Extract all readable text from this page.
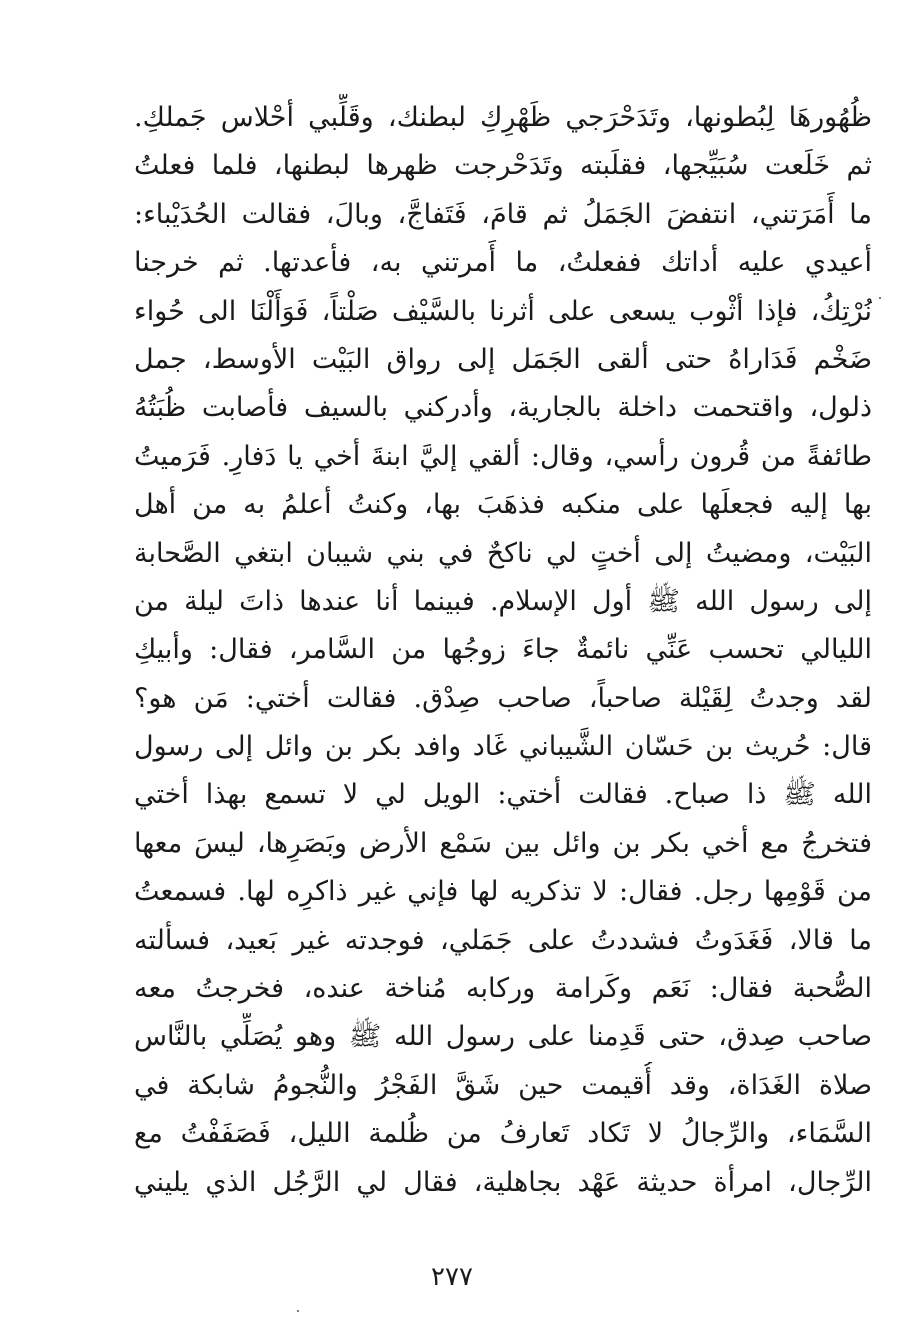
ظُهُورهَا لِبُطونها، وتَدَحْرَجي ظَهْرِكِ لبطنك، وقَلِّبي أحْلاس جَملكِ.
ثم خَلَعت سُبَيِّجها، فقلَبته وتَدَحْرجت ظهرها لبطنها، فلما فعلتُ
ما أَمَرَتني، انتفضَ الجَمَلُ ثم قامَ، فَتَفاجَّ، وبالَ، فقالت الحُدَيْباء:
أعيدي عليه أداتك ففعلتُ، ما أَمرتني به، فأعدتها. ثم خرجنا
نُرْتِكُ، فإذا أثْوب يسعى على أثرنا بالسَّيْف صَلْتاً، فَوَأَلْنَا الى حُواء
ضَخْم فَدَاراهُ حتى ألقى الجَمَل إلى رواق البَيْت الأوسط، جمل
ذلول، واقتحمت داخلة بالجارية، وأدركني بالسيف فأصابت ظُبَتُهُ
طائفةً من قُرون رأسي، وقال: ألقي إليَّ ابنةَ أخي يا دَفارِ. فَرَميتُ
بها إليه فجعلَها على منكبه فذهَبَ بها، وكنتُ أعلمُ به من أهل
البَيْت، ومضيتُ إلى أختٍ لي ناكحٌ في بني شيبان ابتغي الصَّحابة
إلى رسول الله ﷺ أول الإسلام. فبينما أنا عندها ذاتَ ليلة من
الليالي تحسب عَنِّي نائمةٌ جاءَ زوجُها من السَّامر، فقال: وأبيكِ
لقد وجدتُ لِقَيْلة صاحباً، صاحب صِدْق. فقالت أختي: مَن هو؟
قال: حُريث بن حَسّان الشَّيباني غَاد وافد بكر بن وائل إلى رسول
الله ﷺ ذا صباح. فقالت أختي: الويل لي لا تسمع بهذا أختي
فتخرجُ مع أخي بكر بن وائل بين سَمْع الأرض وبَصَرِها، ليسَ معها
من قَوْمِها رجل. فقال: لا تذكريه لها فإني غير ذاكرِه لها. فسمعتُ
ما قالا، فَغَدَوتُ فشددتُ على جَمَلي، فوجدته غير بَعيد، فسألته
الصُّحبة فقال: نَعَم وكَرامة وركابه مُناخة عنده، فخرجتُ معه
صاحب صِدق، حتى قَدِمنا على رسول الله ﷺ وهو يُصَلِّي بالنَّاس
صلاة الغَدَاة، وقد أُقيمت حين شَقَّ الفَجْرُ والنُّجومُ شابكة في
السَّمَاء، والرِّجالُ لا تَكاد تَعارفُ من ظُلمة الليل، فَصَفَفْتُ مع
الرِّجال، امرأة حديثة عَهْد بجاهلية، فقال لي الرَّجُل الذي يليني
٢٧٧
